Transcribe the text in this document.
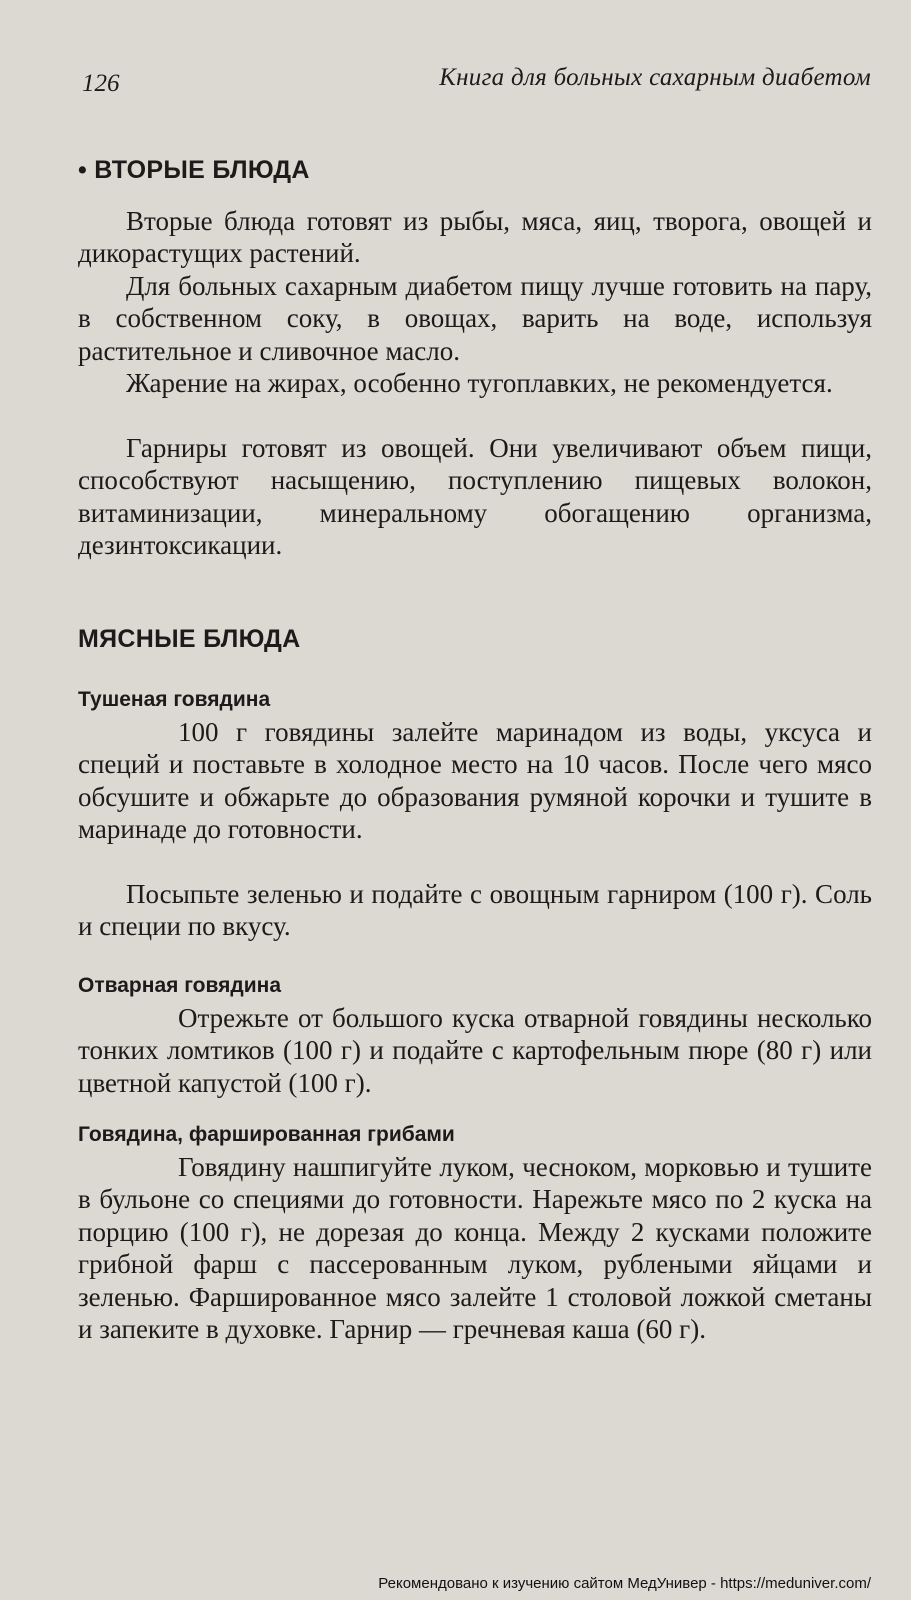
126	Книга для больных сахарным диабетом
• ВТОРЫЕ БЛЮДА

Вторые блюда готовят из рыбы, мяса, яиц, творога, овощей и дикорастущих растений.

Для больных сахарным диабетом пищу лучше готовить на пару, в собственном соку, в овощах, варить на воде, используя растительное и сливочное масло.

Жарение на жирах, особенно тугоплавких, не рекомендуется.

Гарниры готовят из овощей. Они увеличивают объем пищи, способствуют насыщению, поступлению пищевых волокон, витаминизации, минеральному обогащению организма, дезинтоксикации.

МЯСНЫЕ БЛЮДА
Тушеная говядина

100 г говядины залейте маринадом из воды, уксуса и специй и поставьте в холодное место на 10 часов. После чего мясо обсушите и обжарьте до образования румяной корочки и тушите в маринаде до готовности.

Посыпьте зеленью и подайте с овощным гарниром (100 г). Соль и специи по вкусу.

Отварная говядина

Отрежьте от большого куска отварной говядины несколько тонких ломтиков (100 г) и подайте с картофельным пюре (80 г) или цветной капустой (100 г).

Говядина, фаршированная грибами

Говядину нашпигуйте луком, чесноком, морковью и тушите в бульоне со специями до готовности. Нарежьте мясо по 2 куска на порцию (100 г), не дорезая до конца. Между 2 кусками положите грибной фарш с пассерованным луком, рублеными яйцами и зеленью. Фаршированное мясо залейте 1 столовой ложкой сметаны и запеките в духовке. Гарнир — гречневая каша (60 г).

Рекомендовано к изучению сайтом МедУнивер - https://meduniver.com/
